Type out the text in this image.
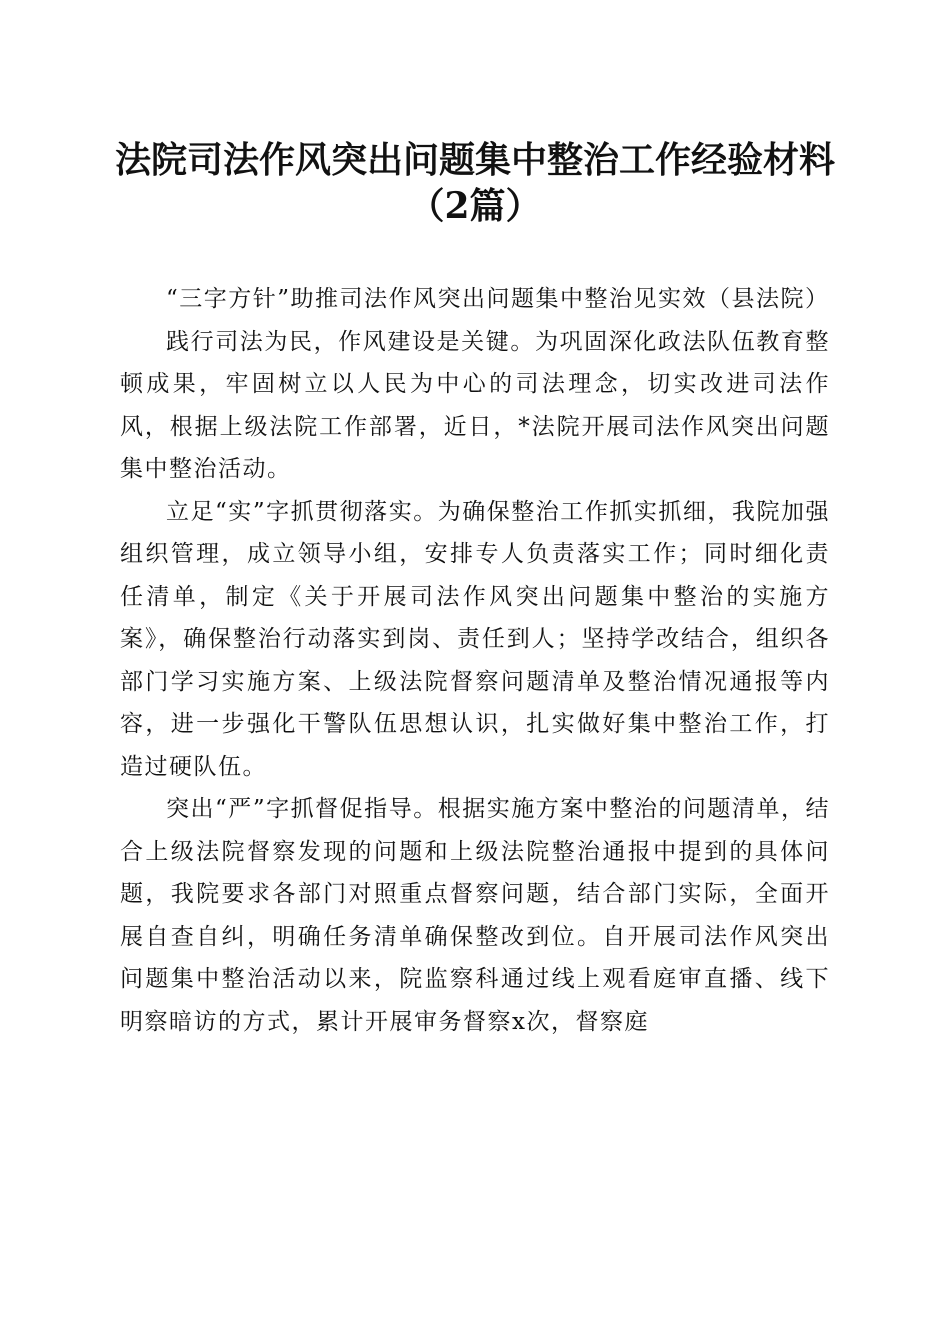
法院司法作风突出问题集中整治工作经验材料
（2篇）

“三字方针”助推司法作风突出问题集中整治见实效（县法院）

践行司法为民，作风建设是关键。为巩固深化政法队伍教育整顿成果，牢固树立以人民为中心的司法理念，切实改进司法作风，根据上级法院工作部署，近日，*法院开展司法作风突出问题集中整治活动。

立足“实”字抓贯彻落实。为确保整治工作抓实抓细，我院加强组织管理，成立领导小组，安排专人负责落实工作；同时细化责任清单，制定《关于开展司法作风突出问题集中整治的实施方案》，确保整治行动落实到岗、责任到人；坚持学改结合，组织各部门学习实施方案、上级法院督察问题清单及整治情况通报等内容，进一步强化干警队伍思想认识，扎实做好集中整治工作，打造过硬队伍。

突出“严”字抓督促指导。根据实施方案中整治的问题清单，结合上级法院督察发现的问题和上级法院整治通报中提到的具体问题，我院要求各部门对照重点督察问题，结合部门实际，全面开展自查自纠，明确任务清单确保整改到位。自开展司法作风突出问题集中整治活动以来，院监察科通过线上观看庭审直播、线下明察暗访的方式，累计开展审务督察x次，督察庭
